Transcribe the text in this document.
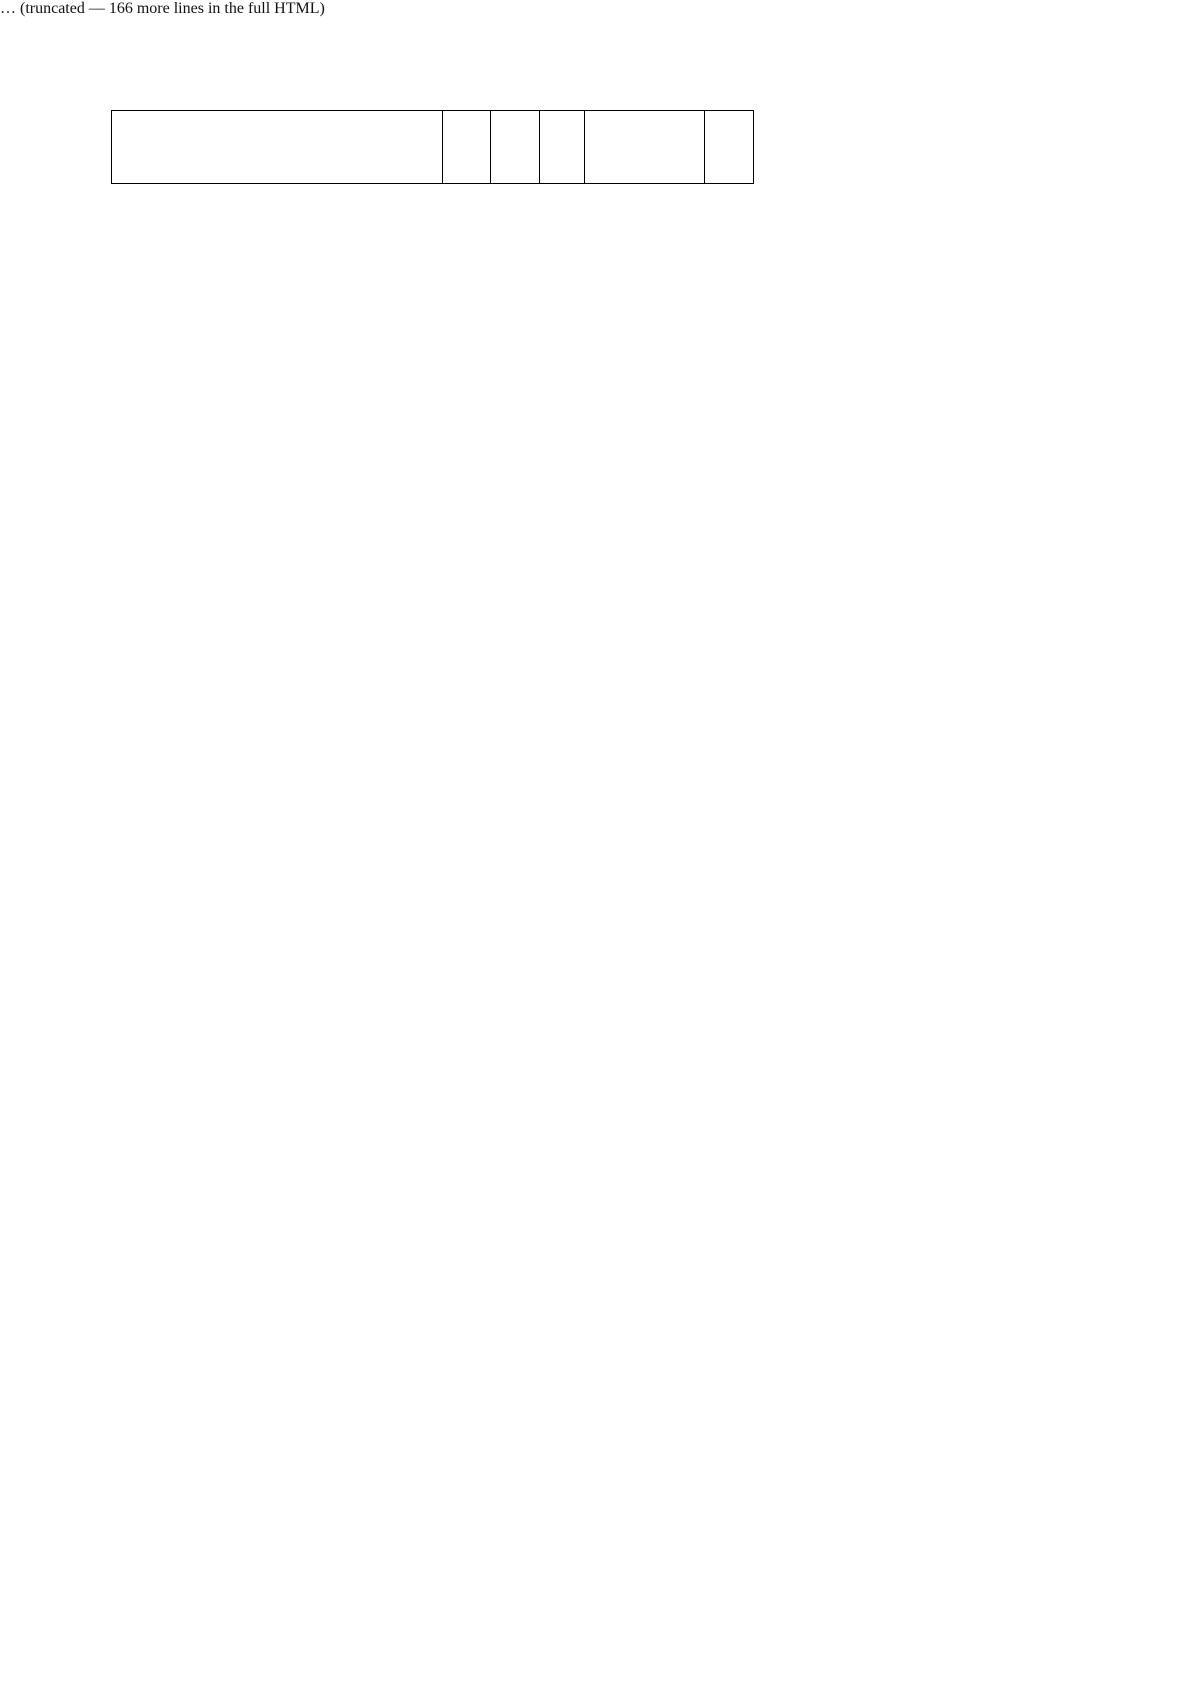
… (truncated — 166 more lines in the full HTML)
